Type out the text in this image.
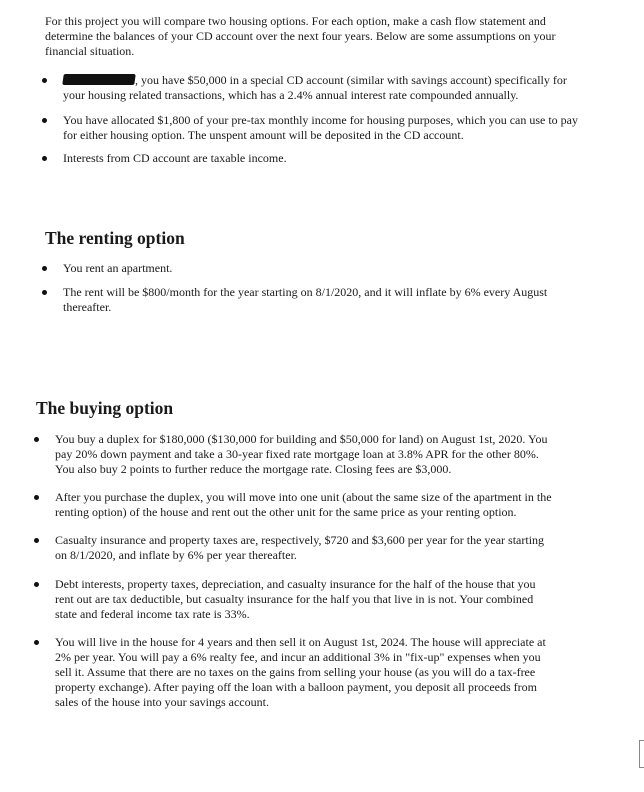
For this project you will compare two housing options. For each option, make a cash flow statement and determine the balances of your CD account over the next four years. Below are some assumptions on your financial situation.

, you have $50,000 in a special CD account (similar with savings account) specifically for your housing related transactions, which has a 2.4% annual interest rate compounded annually.
You have allocated $1,800 of your pre-tax monthly income for housing purposes, which you can use to pay for either housing option. The unspent amount will be deposited in the CD account.
Interests from CD account are taxable income.
The renting option
You rent an apartment.
The rent will be $800/month for the year starting on 8/1/2020, and it will inflate by 6% every August thereafter.
The buying option
You buy a duplex for $180,000 ($130,000 for building and $50,000 for land) on August 1st, 2020. You pay 20% down payment and take a 30-year fixed rate mortgage loan at 3.8% APR for the other 80%. You also buy 2 points to further reduce the mortgage rate. Closing fees are $3,000.
After you purchase the duplex, you will move into one unit (about the same size of the apartment in the renting option) of the house and rent out the other unit for the same price as your renting option.
Casualty insurance and property taxes are, respectively, $720 and $3,600 per year for the year starting on 8/1/2020, and inflate by 6% per year thereafter.
Debt interests, property taxes, depreciation, and casualty insurance for the half of the house that you rent out are tax deductible, but casualty insurance for the half you that live in is not. Your combined state and federal income tax rate is 33%.
You will live in the house for 4 years and then sell it on August 1st, 2024. The house will appreciate at 2% per year. You will pay a 6% realty fee, and incur an additional 3% in "fix-up" expenses when you sell it. Assume that there are no taxes on the gains from selling your house (as you will do a tax-free property exchange). After paying off the loan with a balloon payment, you deposit all proceeds from sales of the house into your savings account.
